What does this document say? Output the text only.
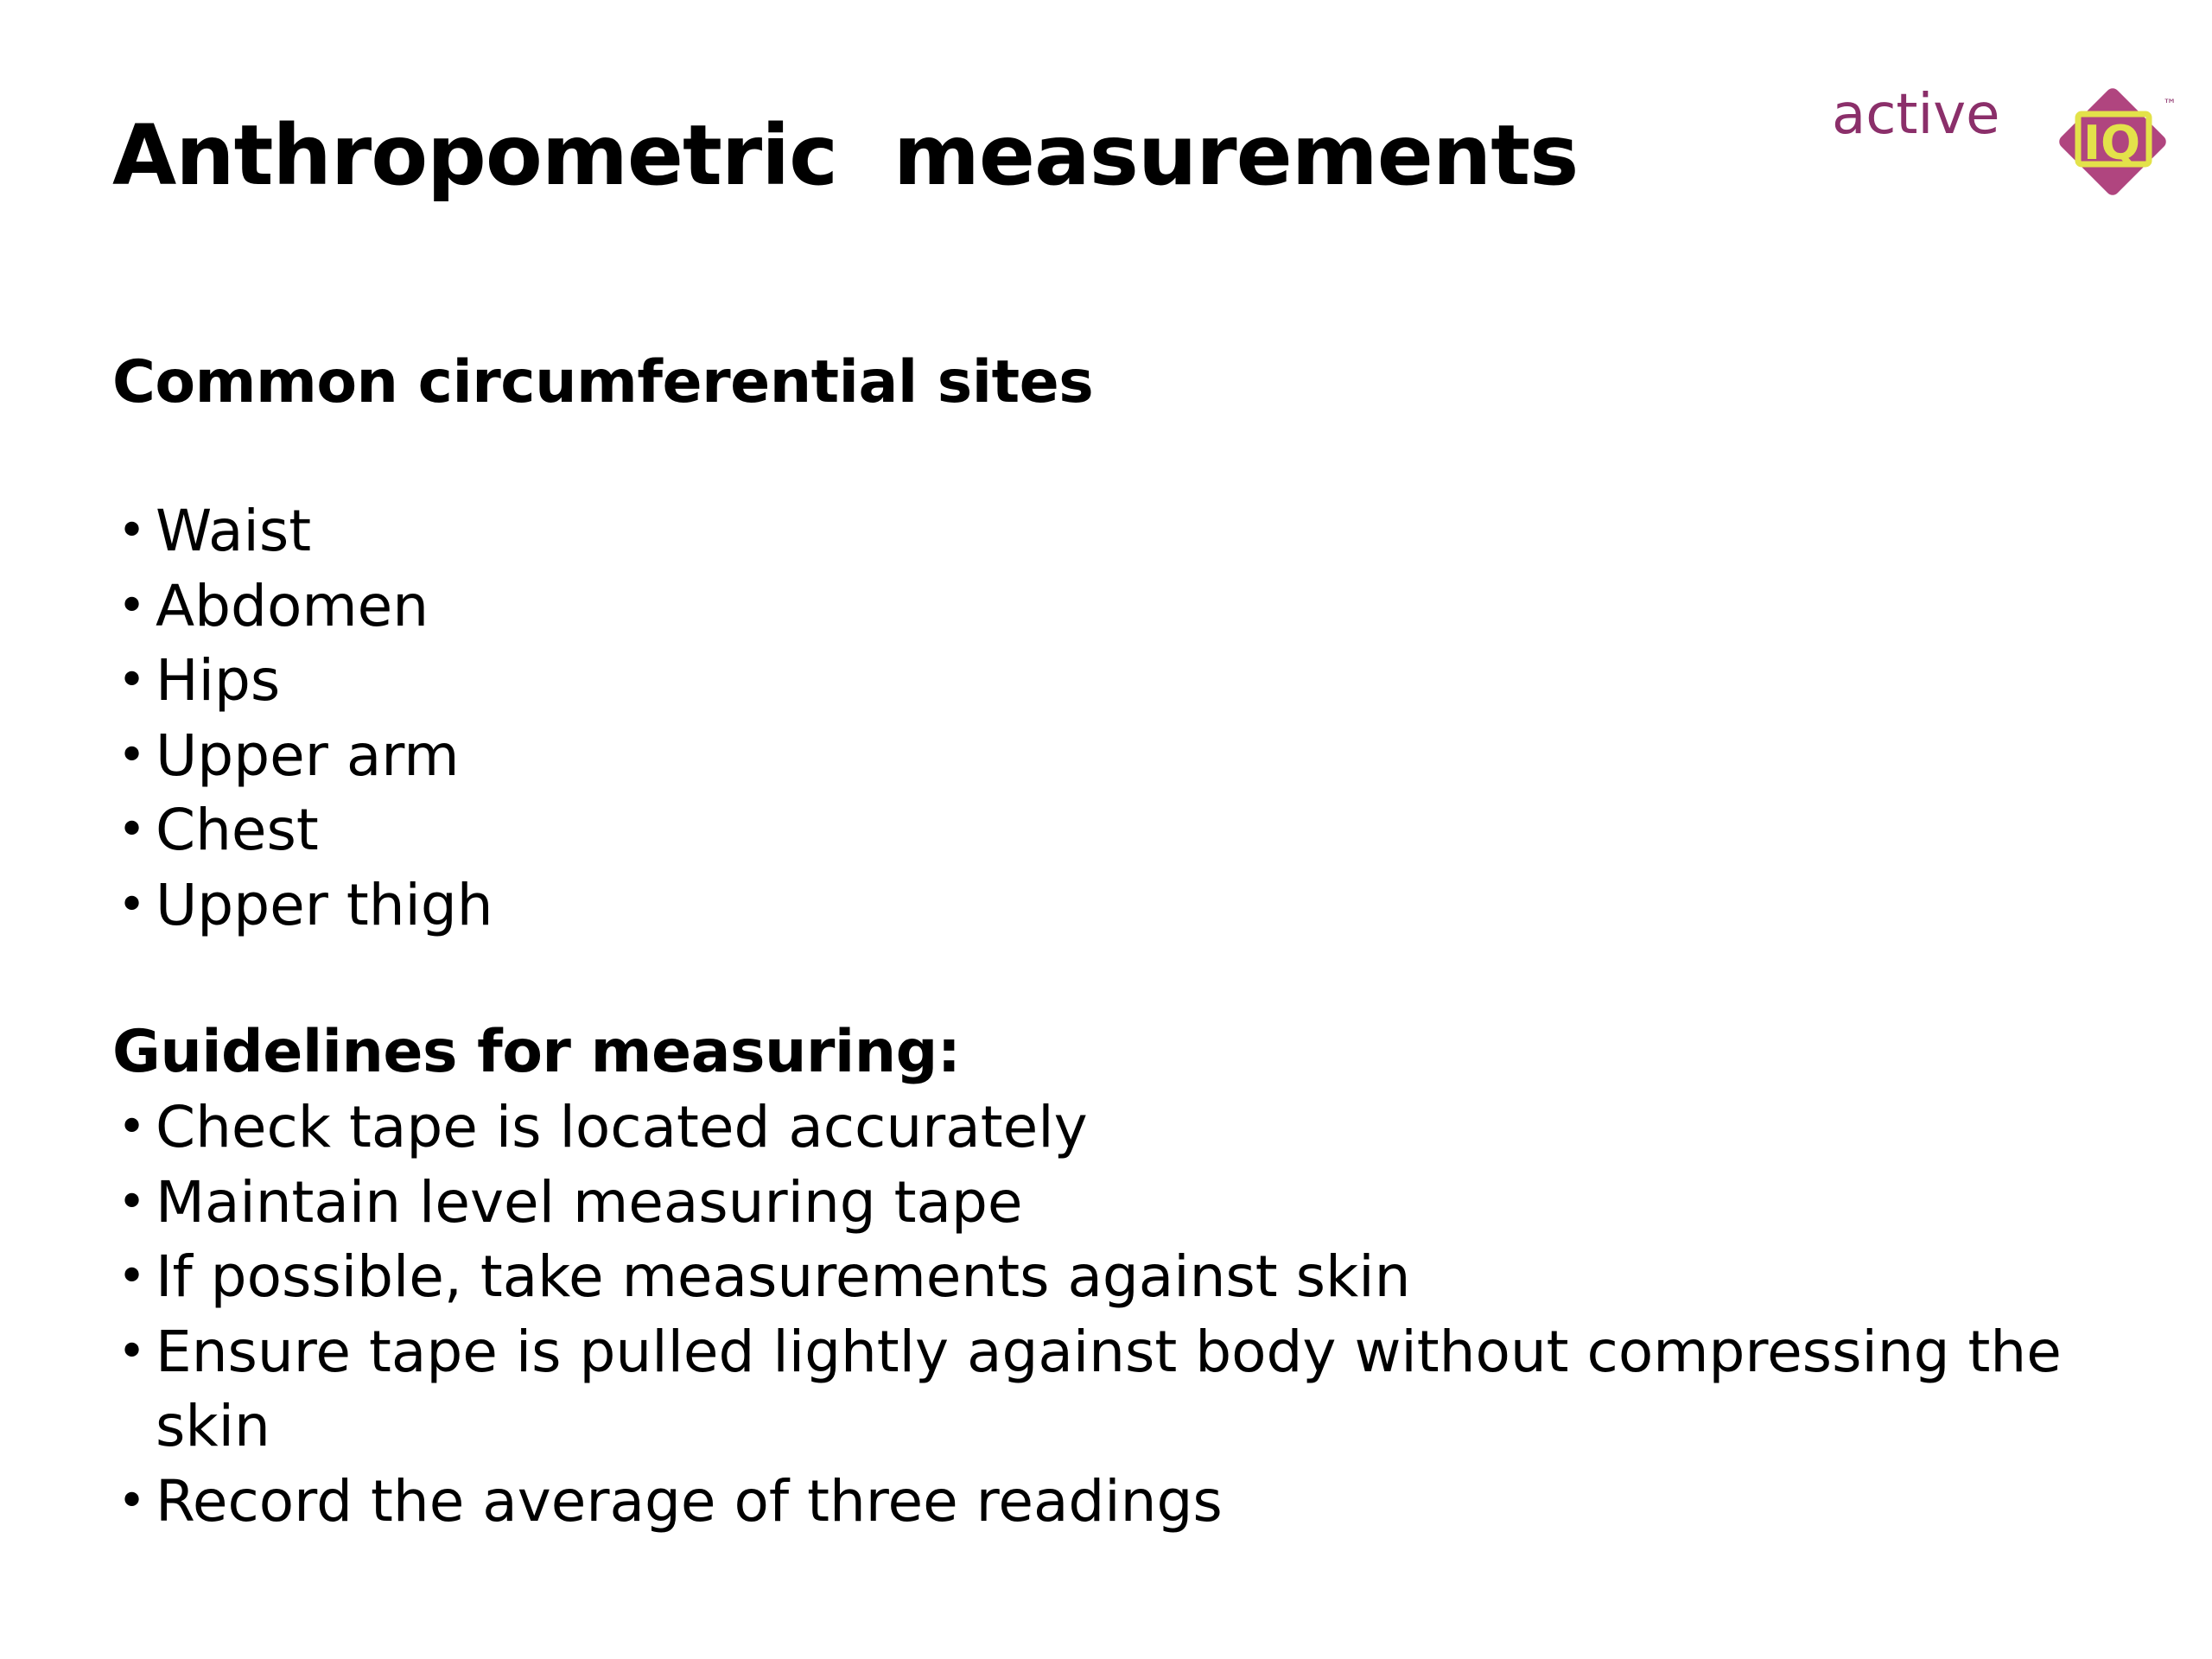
Anthropometric  measurements	active IQ
™
Common circumferential sites
• Waist
• Abdomen
• Hips
• Upper arm
• Chest
• Upper thigh
Guidelines for measuring:
• Check tape is located accurately
• Maintain level measuring tape
• If possible, take measurements against skin
• Ensure tape is pulled lightly against body without compressing the skin
• Record the average of three readings
